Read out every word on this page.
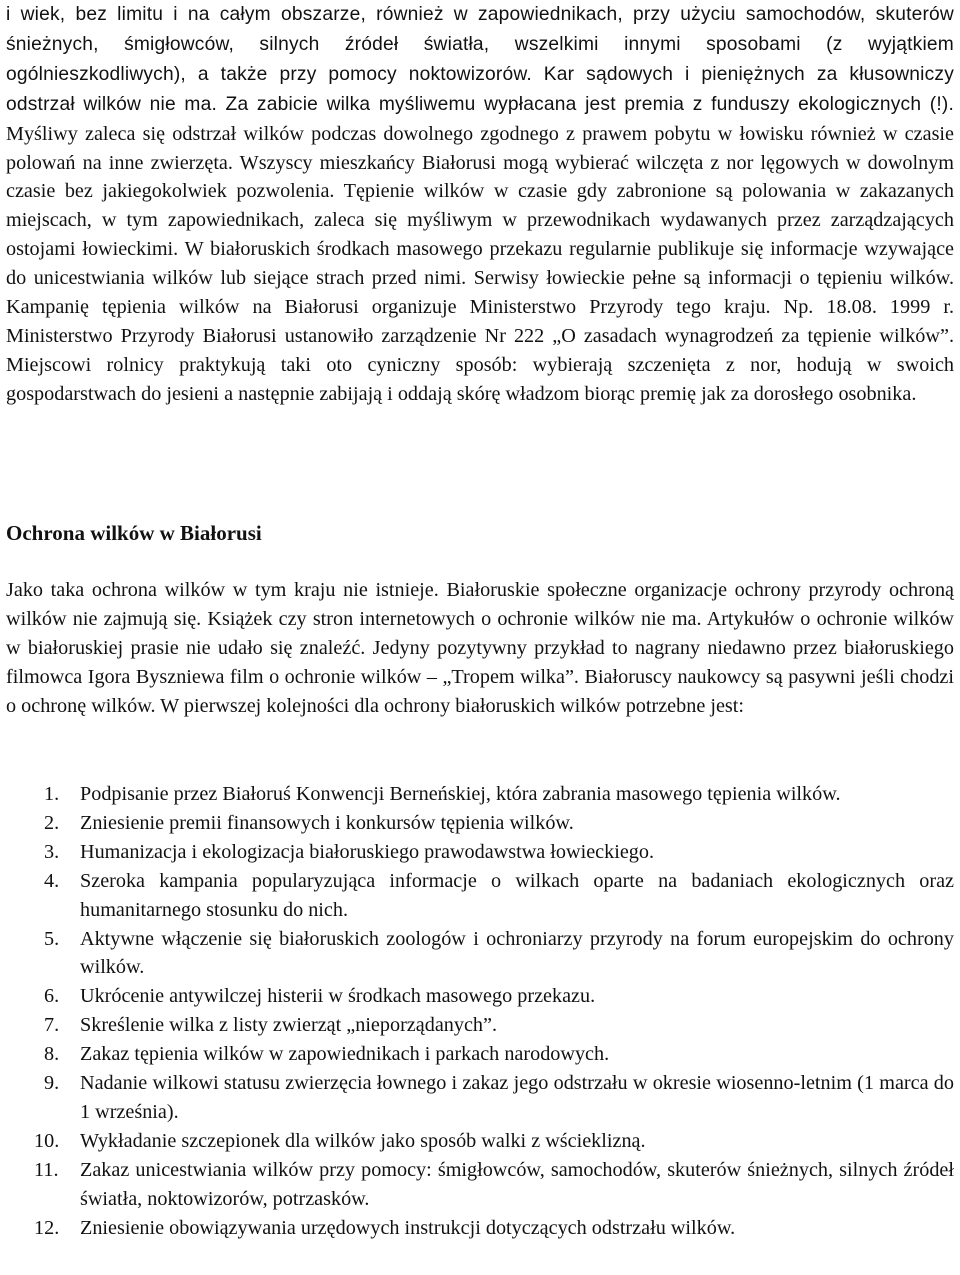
i wiek, bez limitu i na całym obszarze, również w zapowiednikach, przy użyciu samochodów, skuterów śnieżnych, śmigłowców, silnych źródeł światła, wszelkimi innymi sposobami (z wyjątkiem ogólnieszkodliwych), a także przy pomocy noktowizorów. Kar sądowych i pieniężnych za kłusowniczy odstrzał wilków nie ma. Za zabicie wilka myśliwemu wypłacana jest premia z funduszy ekologicznych (!). Myśliwy zaleca się odstrzał wilków podczas dowolnego zgodnego z prawem pobytu w łowisku również w czasie polowań na inne zwierzęta. Wszyscy mieszkańcy Białorusi mogą wybierać wilczęta z nor lęgowych w dowolnym czasie bez jakiegokolwiek pozwolenia. Tępienie wilków w czasie gdy zabronione są polowania w zakazanych miejscach, w tym zapowiednikach, zaleca się myśliwym w przewodnikach wydawanych przez zarządzających ostojami łowieckimi. W białoruskich środkach masowego przekazu regularnie publikuje się informacje wzywające do unicestwiania wilków lub siejące strach przed nimi. Serwisy łowieckie pełne są informacji o tępieniu wilków. Kampanię tępienia wilków na Białorusi organizuje Ministerstwo Przyrody tego kraju. Np. 18.08. 1999 r. Ministerstwo Przyrody Białorusi ustanowiło zarządzenie Nr 222 „O zasadach wynagrodzeń za tępienie wilków”. Miejscowi rolnicy praktykują taki oto cyniczny sposób: wybierają szczenięta z nor, hodują w swoich gospodarstwach do jesieni a następnie zabijają i oddają skórę władzom biorąc premię jak za dorosłego osobnika.

Ochrona wilków w Białorusi

Jako taka ochrona wilków w tym kraju nie istnieje. Białoruskie społeczne organizacje ochrony przyrody ochroną wilków nie zajmują się. Książek czy stron internetowych o ochronie wilków nie ma. Artykułów o ochronie wilków w białoruskiej prasie nie udało się znaleźć. Jedyny pozytywny przykład to nagrany niedawno przez białoruskiego filmowca Igora Byszniewa film o ochronie wilków – „Tropem wilka”. Białoruscy naukowcy są pasywni jeśli chodzi o ochronę wilków. W pierwszej kolejności dla ochrony białoruskich wilków potrzebne jest:

1. Podpisanie przez Białoruś Konwencji Berneńskiej, która zabrania masowego tępienia wilków.
2. Zniesienie premii finansowych i konkursów tępienia wilków.
3. Humanizacja i ekologizacja białoruskiego prawodawstwa łowieckiego.
4. Szeroka kampania popularyzująca informacje o wilkach oparte na badaniach ekologicznych oraz humanitarnego stosunku do nich.
5. Aktywne włączenie się białoruskich zoologów i ochroniarzy przyrody na forum europejskim do ochrony wilków.
6. Ukrócenie antywilczej histerii w środkach masowego przekazu.
7. Skreślenie wilka z listy zwierząt „nieporządanych”.
8. Zakaz tępienia wilków w zapowiednikach i parkach narodowych.
9. Nadanie wilkowi statusu zwierzęcia łownego i zakaz jego odstrzału w okresie wiosenno-letnim (1 marca do 1 września).
10. Wykładanie szczepionek dla wilków jako sposób walki z wścieklizną.
11. Zakaz unicestwiania wilków przy pomocy: śmigłowców, samochodów, skuterów śnieżnych, silnych źródeł światła, noktowizorów, potrzasków.
12. Zniesienie obowiązywania urzędowych instrukcji dotyczących odstrzału wilków.
